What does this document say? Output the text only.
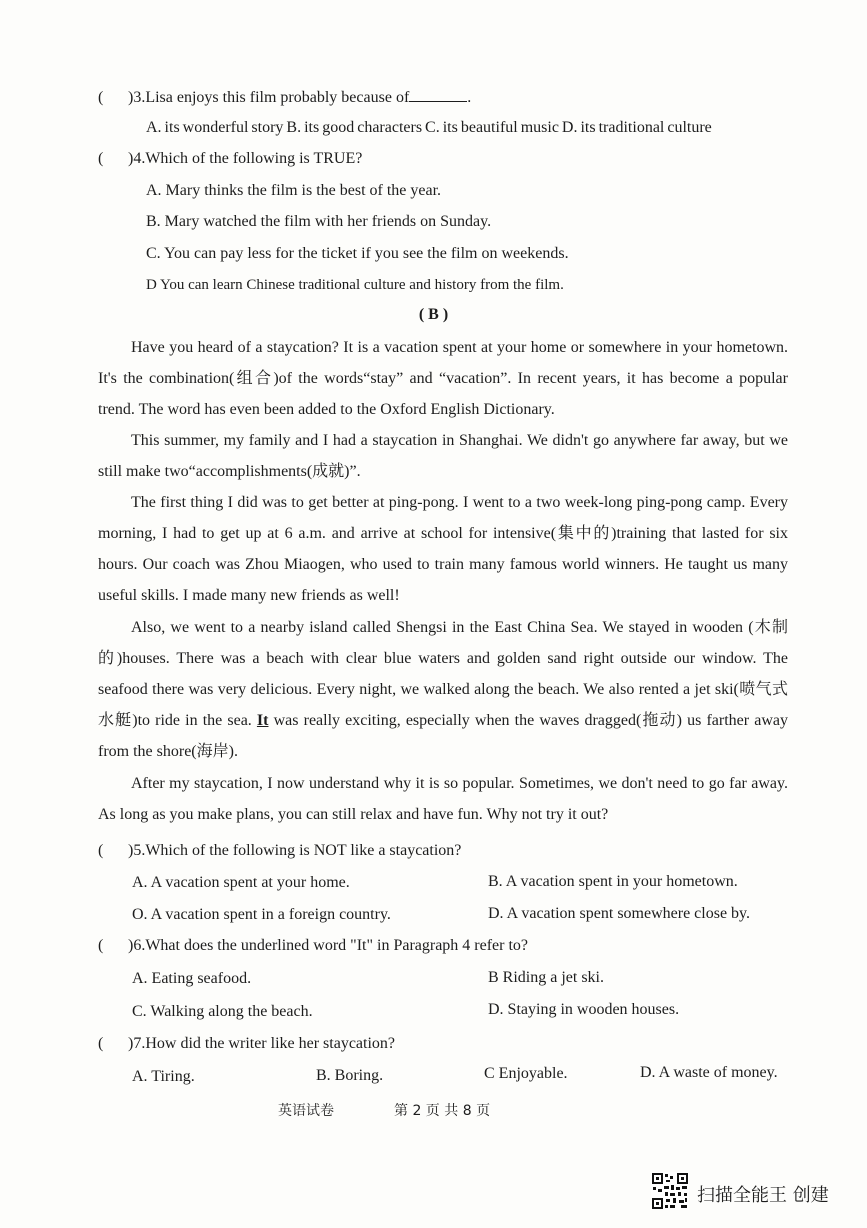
( )3.Lisa enjoys this film probably because of	.
A. its wonderful story B. its good characters C. its beautiful music D. its traditional culture
( )4.Which of the following is TRUE?
A. Mary thinks the film is the best of the year.
B. Mary watched the film with her friends on Sunday.
C. You can pay less for the ticket if you see the film on weekends.
D You can learn Chinese traditional culture and history from the film.
( B )
Have you heard of a staycation? It is a vacation spent at your home or somewhere in your hometown. It's the combination(组合)of the words“stay” and “vacation”. In recent years, it has become a popular trend. The word has even been added to the Oxford English Dictionary.
This summer, my family and I had a staycation in Shanghai. We didn't go anywhere far away, but we still make two“accomplishments(成就)”.
The first thing I did was to get better at ping-pong. I went to a two week-long ping-pong camp. Every morning, I had to get up at 6 a.m. and arrive at school for intensive(集中的)training that lasted for six hours. Our coach was Zhou Miaogen, who used to train many famous world winners. He taught us many useful skills. I made many new friends as well!
Also, we went to a nearby island called Shengsi in the East China Sea. We stayed in wooden (木制的)houses. There was a beach with clear blue waters and golden sand right outside our window. The seafood there was very delicious. Every night, we walked along the beach. We also rented a jet ski(喷气式水艇)to ride in the sea. It was really exciting, especially when the waves dragged(拖动) us farther away from the shore(海岸).
After my staycation, I now understand why it is so popular. Sometimes, we don't need to go far away. As long as you make plans, you can still relax and have fun. Why not try it out?
( )5.Which of the following is NOT like a staycation?
A. A vacation spent at your home.	B. A vacation spent in your hometown.
O. A vacation spent in a foreign country.	D. A vacation spent somewhere close by.
( )6.What does the underlined word "It" in Paragraph 4 refer to?
A. Eating seafood.	B Riding a jet ski.
C. Walking along the beach.	D. Staying in wooden houses.
( )7.How did the writer like her staycation?
A. Tiring.	B. Boring.	C Enjoyable.	D. A waste of money.
英语试卷	第 2 页 共 8 页
扫描全能王 创建
